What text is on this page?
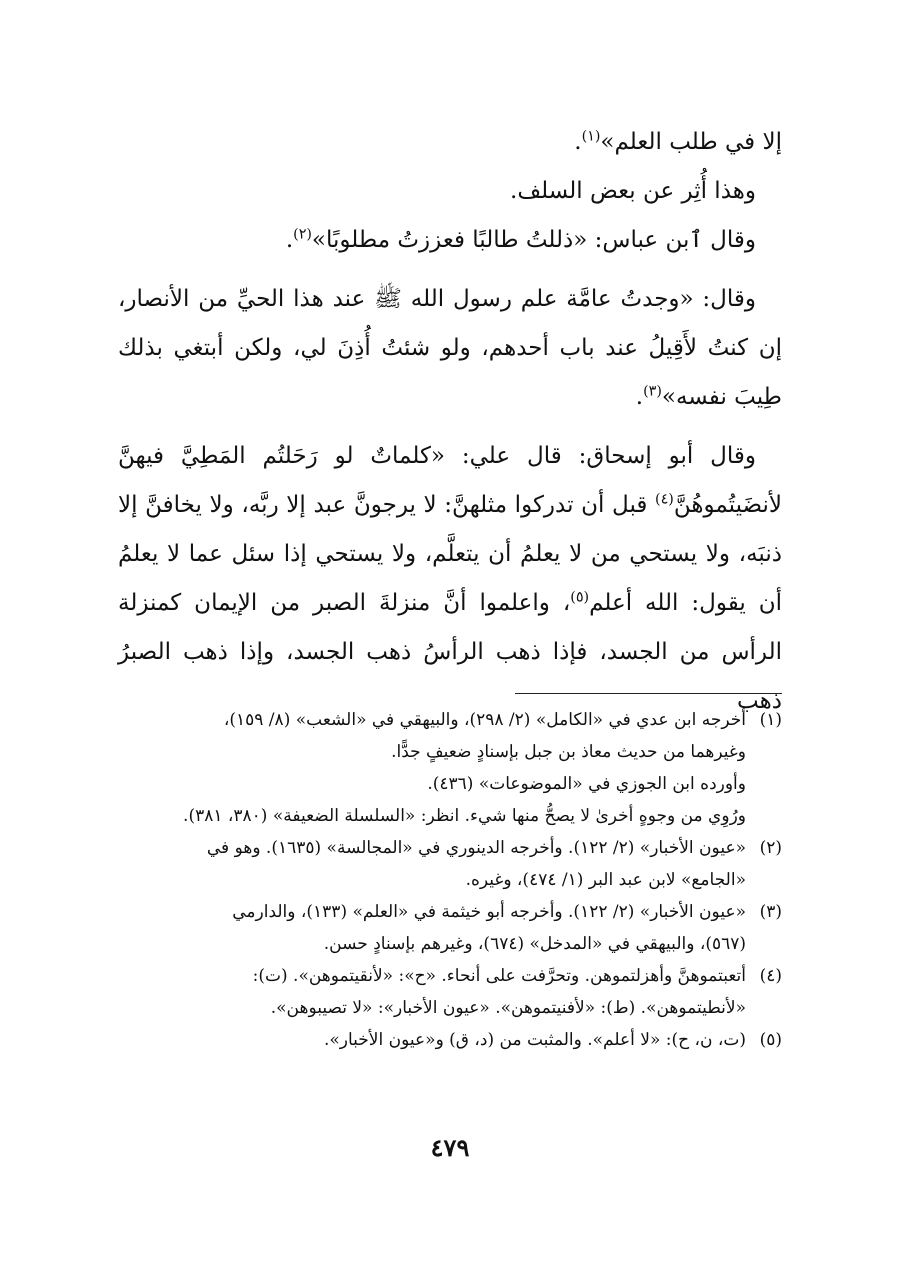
إلا في طلب العلم»$^{(١)}$.

وهذا أُثِر عن بعض السلف.

وقال ٱبن عباس: «ذللتُ طالبًا فعززتُ مطلوبًا»$^{(٢)}$.

وقال: «وجدتُ عامَّة علم رسول الله ﷺ عند هذا الحيِّ من الأنصار، إن كنتُ لأَقِيلُ عند باب أحدهم، ولو شئتُ أُذِنَ لي، ولكن أبتغي بذلك طِيبَ نفسه»$^{(٣)}$.

وقال أبو إسحاق: قال علي: «كلماتٌ لو رَحَلتُم المَطِيَّ فيهنَّ لأنضَيتُموهُنَّ$^{(٤)}$ قبل أن تدركوا مثلهنَّ: لا يرجونَّ عبد إلا ربَّه، ولا يخافنَّ إلا ذنبَه، ولا يستحي من لا يعلمُ أن يتعلَّم، ولا يستحي إذا سئل عما لا يعلمُ أن يقول: الله أعلم$^{(٥)}$، واعلموا أنَّ منزلةَ الصبر من الإيمان كمنزلة الرأس من الجسد، فإذا ذهب الرأسُ ذهب الجسد، وإذا ذهب الصبرُ ذهب

(١)
أخرجه ابن عدي في «الكامل» (٢/ ٢٩٨)، والبيهقي في «الشعب» (٨/ ١٥٩)،
وغيرهما من حديث معاذ بن جبل بإسنادٍ ضعيفٍ جدًّا.
وأورده ابن الجوزي في «الموضوعات» (٤٣٦).
ورُوِي من وجوهٍ أخرىٰ لا يصحُّ منها شيء. انظر: «السلسلة الضعيفة» (٣٨٠، ٣٨١).
(٢)
«عيون الأخبار» (٢/ ١٢٢). وأخرجه الدينوري في «المجالسة» (١٦٣٥). وهو في
«الجامع» لابن عبد البر (١/ ٤٧٤)، وغيره.
(٣)
«عيون الأخبار» (٢/ ١٢٢). وأخرجه أبو خيثمة في «العلم» (١٣٣)، والدارمي
(٥٦٧)، والبيهقي في «المدخل» (٦٧٤)، وغيرهم بإسنادٍ حسن.
(٤)
أتعبتموهنَّ وأهزلتموهن. وتحرَّفت على أنحاء. «ح»: «لأنقيتموهن». (ت):
«لأنطيتموهن». (ط): «لأفنيتموهن». «عيون الأخبار»: «لا تصيبوهن».
(٥)
(ت، ن، ح): «لا أعلم». والمثبت من (د، ق) و«عيون الأخبار».
٤٧٩
